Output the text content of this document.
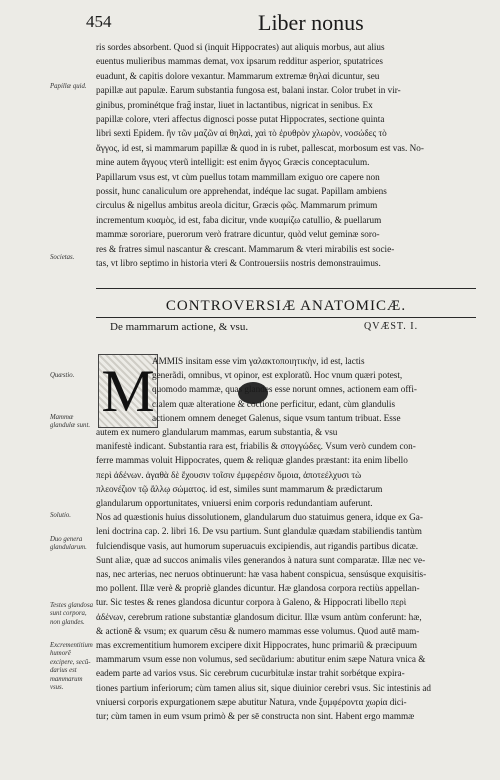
454	Liber nonus
Papillæ quid.
Societas.
ris sordes absorbent. Quod si (inquit Hippocrates) aut aliquis morbus, aut alius
euentus mulieribus mammas demat, vox ipsarum redditur asperior, sputatrices
euadunt, & capitis dolore vexantur. Mammarum extremæ θηλαὶ dicuntur, seu
papillæ aut papulæ. Earum substantia fungosa est, balani instar. Color trubet in vir-
ginibus, prominétque frag̃ instar, liuet in lactantibus, nigricat in senibus. Ex
papillæ colore, vteri affectus dignosci posse putat Hippocrates, sectione quinta
libri sexti Epidem. ἢν τῶν μαζῶν αἱ θηλαὶ, χαὶ τὸ ἐρυθρὸν χλωρὸν, νοσώδες τὸ
ἄγγος, id est, si mammarum papillæ & quod in is rubet, pallescat, morbosum est vas. No-
mine autem ἄγγους vterũ intelligit: est enim ἄγγος Græcis conceptaculum.
Papillarum vsus est, vt cùm puellus totam mammillam exiguo ore capere non
possit, hunc canaliculum ore apprehendat, indéque lac sugat. Papillam ambiens
circulus & nigellus ambitus areola dicitur, Græcis φῶς. Mammarum primum
incrementum κυαμὸς, id est, faba dicitur, vnde κυαμίζω catullio, & puellarum
mammæ sororiare, puerorum verò fratrare dicuntur, quòd velut geminæ soro-
res & fratres simul nascantur & crescant. Mammarum & vteri mirabilis est socie-
tas, vt libro septimo in historia vteri & Controuersiis nostris demonstrauimus.
CONTROVERSIÆ ANATOMICÆ.
De mammarum actione, & vsu.	QVÆST. I.
M
Quæstio.
Mammæ glandulæ sunt.
Solutio.
Duo genera glandularum.
Testes glandosa sunt corpora, non glandes.
Excrementitium humorē excipere, secū-darius est mammarum vsus.
AMMIS insitam esse vim γαλακτοποιητικὴν, id est, lactis
generãdi, omnibus, vt opinor, est exploratũ. Hoc vnum quæri potest,
quomodo mammæ, quas glandes esse norunt omnes, actionem eam offi-
cialem quæ alteratione & coctione perficitur, edant, cùm glandulis
actionem omnem deneget Galenus, sique vsum tantum tribuat. Esse
autem ex numero glandularum mammas, earum substantia, & vsu
manifestè indicant. Substantia rara est, friabilis & σπογγώδες. Vsum verò cundem con-
ferre mammas voluit Hippocrates, quem & reliquæ glandes præstant: ita enim libello
περὶ ἀδένων. ἁγαθὰ δὲ ἔχουσιν τοῖσιν ἐμφερέσιν ὅμοια, ἀποτεέλχυσι τὼ
πλεονέζιον τῷ ἄλλῳ σώματος. id est, similes sunt mammarum & prædictarum
glandularum opportunitates, vniuersi enim corporis redundantiam auferunt.
Nos ad quæstionis huius dissolutionem, glandularum duo statuimus genera, idque ex Ga-
leni doctrina cap. 2. libri 16. De vsu partium. Sunt glandulæ quædam stabiliendis tantùm
fulciendisque vasis, aut humorum superuacuis excipiendis, aut rigandis partibus dicatæ.
Sunt aliæ, quæ ad succos animalis viles generandos à natura sunt comparatæ. Illæ nec ve-
nas, nec arterias, nec neruos obtinuerunt: hæ vasa habent conspicua, sensúsque exquisitis-
mo pollent. Illæ verè & propriè glandes dicuntur. Hæ glandosa corpora rectiùs appellan-
tur. Sic testes & renes glandosa dicuntur corpora à Galeno, & Hippocrati libello περὶ
ἀδένων, cerebrum ratione substantiæ glandosum dicitur. Illæ vsum antùm conferunt: hæ,
& actionē & vsum; ex quarum cēsu & numero mammas esse volumus. Quod autē mam-
mas excrementitium humorem excipere dixit Hippocrates, hunc primariũ & præcipuum
mammarum vsum esse non volumus, sed secũdarium: abutitur enim sæpe Natura vnica &
eadem parte ad varios vsus. Sic cerebrum cucurbitulæ instar trahit sorbétque expira-
tiones partium inferiorum; cùm tamen alius sit, sique diuinior cerebri vsus. Sic intestinis ad
vniuersi corporis expurgationem sæpe abutitur Natura, vnde ξυμφέροντα χωρία dici-
tur; cùm tamen in eum vsum primò & per sē constructa non sint. Habent ergo mammæ
